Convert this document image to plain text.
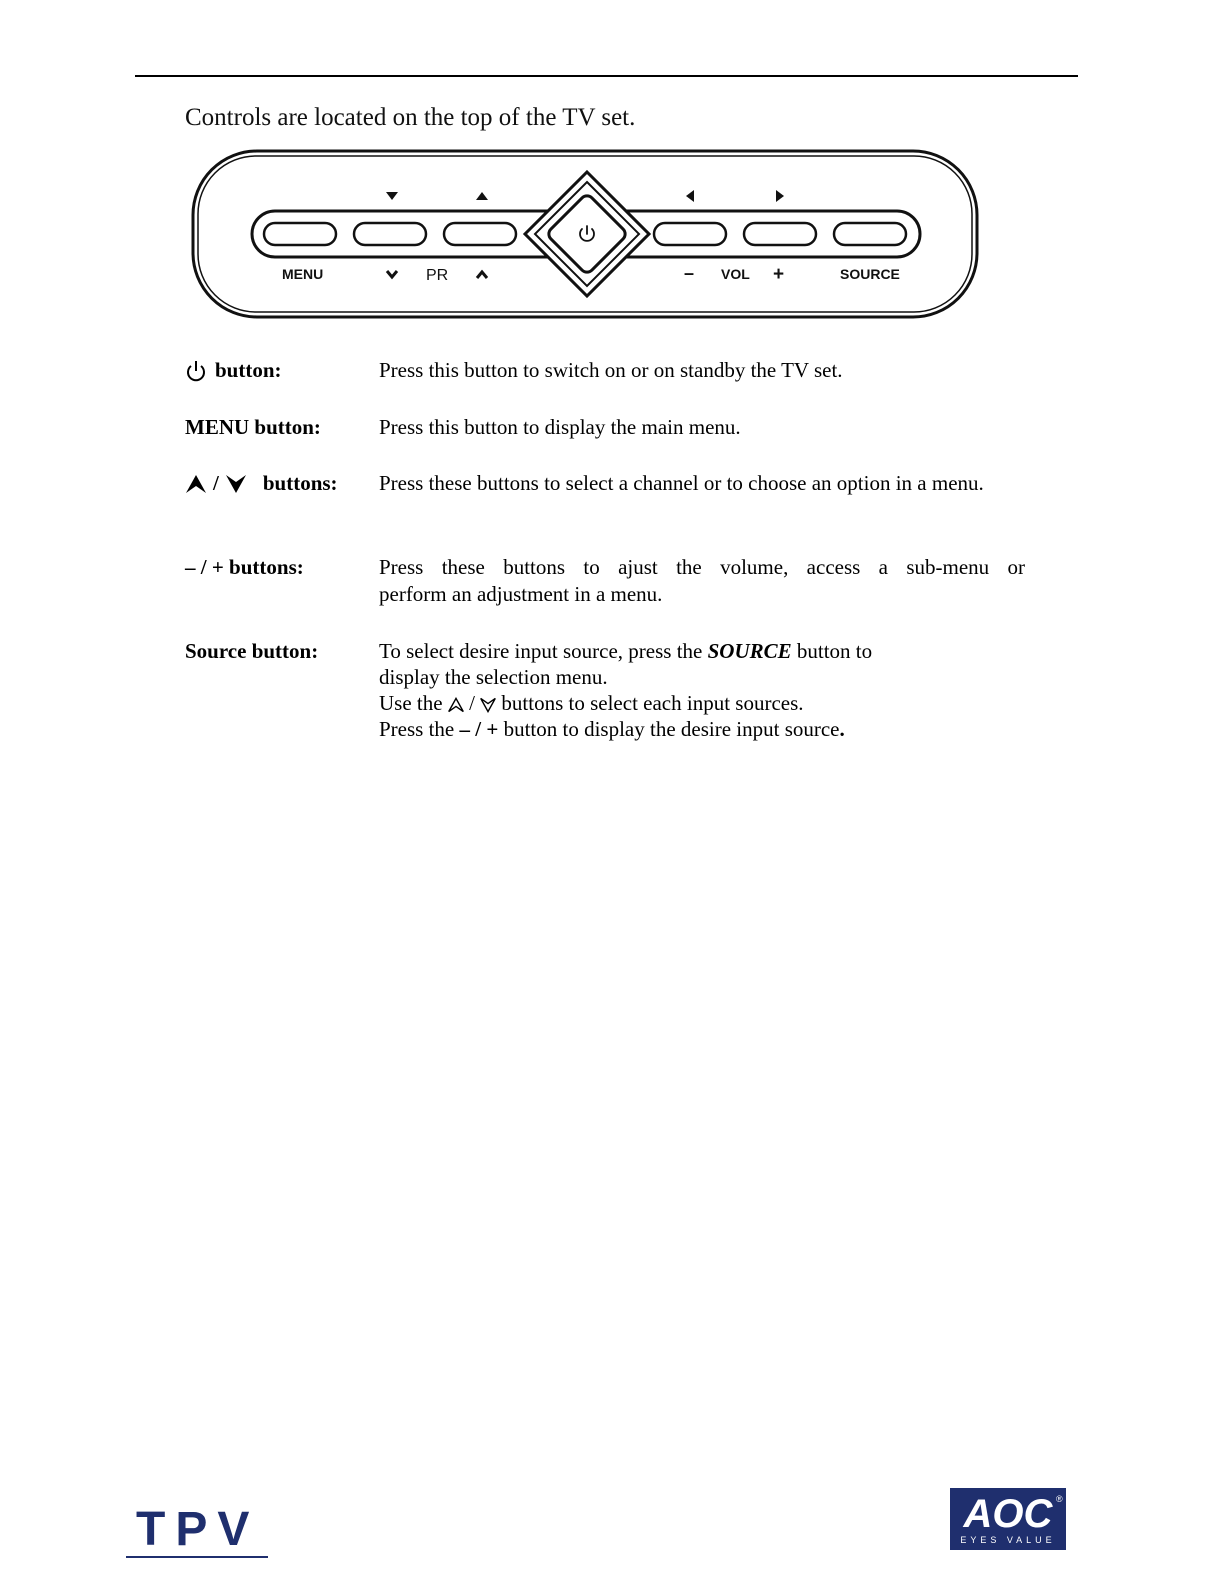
Controls are located on the top of the TV set.
MENU	PR	– VOL +	SOURCE
button:	Press this button to switch on or on standby the TV set.
MENU button:	Press this button to display the main menu.
/ buttons: Press these buttons to select a channel or to choose an option in a menu.
– / + buttons:	Press these buttons to ajust the volume, access a sub-menu or
perform an adjustment in a menu.
Source button:	To select desire input source, press the SOURCE button to
display the selection menu.
Use the  /  buttons to select each input sources.
Press the – / + button to display the desire input source.
TPV	AOC ®
EYES VALUE
